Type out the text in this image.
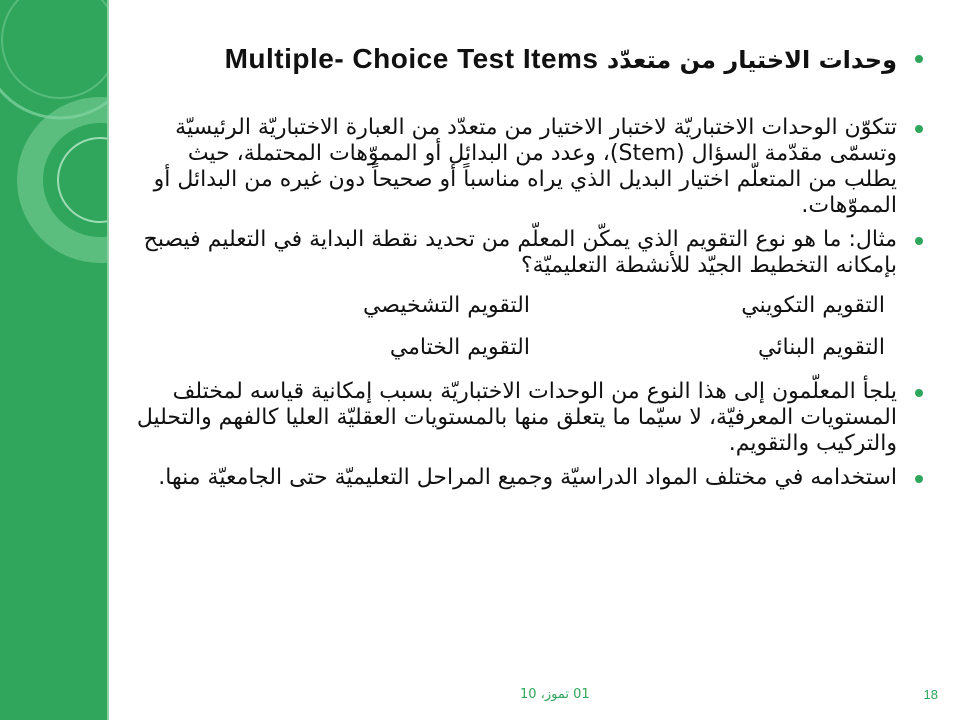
وحدات الاختيار من متعدّد Multiple- Choice Test Items
تتكوّن الوحدات الاختباريّة لاختبار الاختيار من متعدّد من العبارة الاختباريّة الرئيسيّة وتسمّى مقدّمة السؤال (Stem)، وعدد من البدائل أو المموّهات المحتملة، حيث يطلب من المتعلّم اختيار البديل الذي يراه مناسباً أو صحيحاً دون غيره من البدائل أو المموّهات.
مثال: ما هو نوع التقويم الذي يمكّن المعلّم من تحديد نقطة البداية في التعليم فيصبح بإمكانه التخطيط الجيّد للأنشطة التعليميّة؟
التقويم التكويني
التقويم التشخيصي
التقويم البنائي
التقويم الختامي
يلجأ المعلّمون إلى هذا النوع من الوحدات الاختباريّة بسبب إمكانية قياسه لمختلف المستويات المعرفيّة، لا سيّما ما يتعلق منها بالمستويات العقليّة العليا كالفهم والتحليل والتركيب والتقويم.
استخدامه في مختلف المواد الدراسيّة وجميع المراحل التعليميّة حتى الجامعيّة منها.
01 تموز، 10	18
